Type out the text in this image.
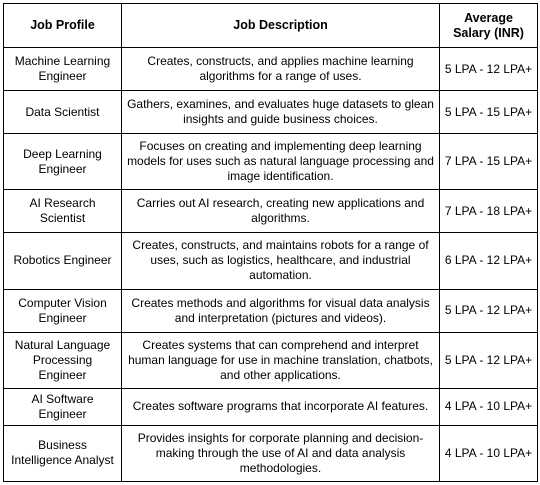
Job Profile	Job Description	Average Salary (INR)
Machine Learning Engineer	Creates, constructs, and applies machine learning algorithms for a range of uses.	5 LPA - 12 LPA+
Data Scientist	Gathers, examines, and evaluates huge datasets to glean insights and guide business choices.	5 LPA - 15 LPA+
Deep Learning Engineer	Focuses on creating and implementing deep learning models for uses such as natural language processing and image identification.	7 LPA - 15 LPA+
AI Research Scientist	Carries out AI research, creating new applications and algorithms.	7 LPA - 18 LPA+
Robotics Engineer	Creates, constructs, and maintains robots for a range of uses, such as logistics, healthcare, and industrial automation.	6 LPA - 12 LPA+
Computer Vision Engineer	Creates methods and algorithms for visual data analysis and interpretation (pictures and videos).	5 LPA - 12 LPA+
Natural Language Processing Engineer	Creates systems that can comprehend and interpret human language for use in machine translation, chatbots, and other applications.	5 LPA - 12 LPA+
AI Software Engineer	Creates software programs that incorporate AI features.	4 LPA - 10 LPA+
Business Intelligence Analyst	Provides insights for corporate planning and decision-making through the use of AI and data analysis methodologies.	4 LPA - 10 LPA+
